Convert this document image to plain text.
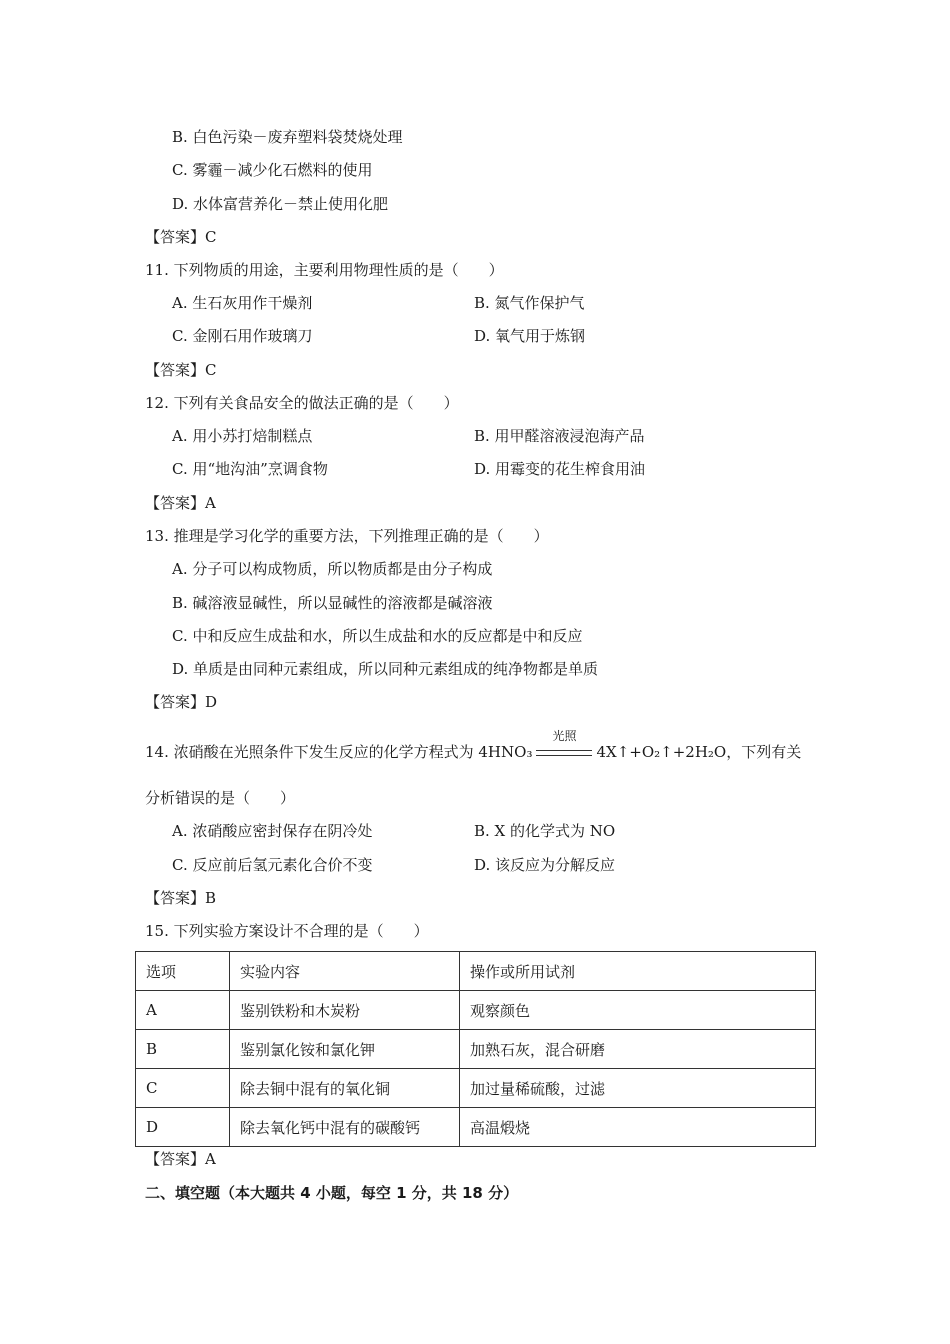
B. 白色污染－废弃塑料袋焚烧处理
C. 雾霾－减少化石燃料的使用
D. 水体富营养化－禁止使用化肥
【答案】C
11. 下列物质的用途，主要利用物理性质的是（　　）
A. 生石灰用作干燥剂	B. 氮气作保护气
C. 金刚石用作玻璃刀	D. 氧气用于炼钢
【答案】C
12. 下列有关食品安全的做法正确的是（　　）
A. 用小苏打焙制糕点	B. 用甲醛溶液浸泡海产品
C. 用“地沟油”烹调食物	D. 用霉变的花生榨食用油
【答案】A
13. 推理是学习化学的重要方法，下列推理正确的是（　　）
A. 分子可以构成物质，所以物质都是由分子构成
B. 碱溶液显碱性，所以显碱性的溶液都是碱溶液
C. 中和反应生成盐和水，所以生成盐和水的反应都是中和反应
D. 单质是由同种元素组成，所以同种元素组成的纯净物都是单质
【答案】D
14. 浓硝酸在光照条件下发生反应的化学方程式为 4HNO₃
光照
4X↑+O₂↑+2H₂O，下列有关
分析错误的是（　　）
A. 浓硝酸应密封保存在阴冷处	B. X 的化学式为 NO
C. 反应前后氢元素化合价不变	D. 该反应为分解反应
【答案】B
15. 下列实验方案设计不合理的是（　　）
选项	实验内容	操作或所用试剂
A	鉴别铁粉和木炭粉	观察颜色
B	鉴别氯化铵和氯化钾	加熟石灰，混合研磨
C	除去铜中混有的氧化铜	加过量稀硫酸，过滤
D	除去氧化钙中混有的碳酸钙	高温煅烧
【答案】A
二、填空题（本大题共 4 小题，每空 1 分，共 18 分）
